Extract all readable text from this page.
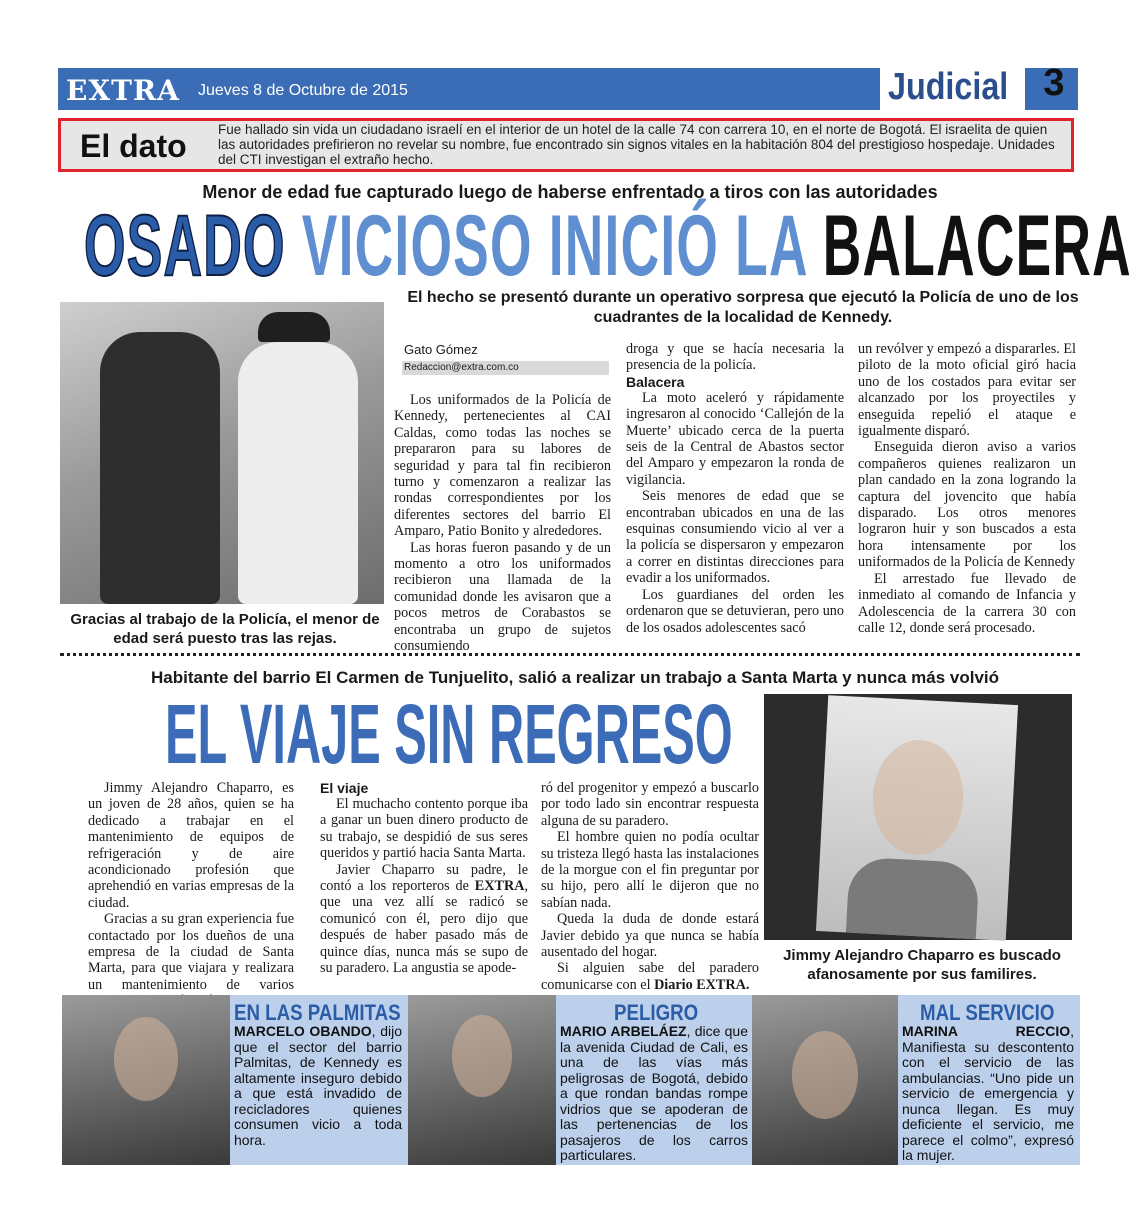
EXTRA Jueves 8 de Octubre de 2015	Judicial 3
El dato Fue hallado sin vida un ciudadano israelí en el interior de un hotel de la calle 74 con carrera 10, en el norte de Bogotá. El israelita de quien las autoridades prefirieron no revelar su nombre, fue encontrado sin signos vitales en la habitación 804 del prestigioso hospedaje. Unidades del CTI investigan el extraño hecho.
Menor de edad fue capturado luego de haberse enfrentado a tiros con las autoridades
OSADO VICIOSO INICIÓ LA BALACERA
El hecho se presentó durante un operativo sorpresa que ejecutó la Policía de uno de los cuadrantes de la localidad de Kennedy.
Gracias al trabajo de la Policía, el menor de edad será puesto tras las rejas.
Gato Gómez
Redaccion@extra.com.co

Los uniformados de la Policía de Kennedy, pertenecientes al CAI Caldas, como todas las noches se prepararon para su labores de seguridad y para tal fin recibieron turno y comenzaron a realizar las rondas correspondientes por los diferentes sectores del barrio El Amparo, Patio Bonito y alrededores.

Las horas fueron pasando y de un momento a otro los uniformados recibieron una llamada de la comunidad donde les avisaron que a pocos metros de Corabastos se encontraba un grupo de sujetos consumiendo

droga y que se hacía necesaria la presencia de la policía.

Balacera

La moto aceleró y rápidamente ingresaron al conocido ‘Callejón de la Muerte’ ubicado cerca de la puerta seis de la Central de Abastos sector del Amparo y empezaron la ronda de vigilancia.

Seis menores de edad que se encontraban ubicados en una de las esquinas consumiendo vicio al ver a la policía se dispersaron y empezaron a correr en distintas direcciones para evadir a los uniformados.

Los guardianes del orden les ordenaron que se detuvieran, pero uno de los osados adolescentes sacó

un revólver y empezó a dispararles. El piloto de la moto oficial giró hacia uno de los costados para evitar ser alcanzado por los proyectiles y enseguida repelió el ataque e igualmente disparó.

Enseguida dieron aviso a varios compañeros quienes realizaron un plan candado en la zona logrando la captura del jovencito que había disparado. Los otros menores lograron huir y son buscados a esta hora intensamente por los uniformados de la Policía de Kennedy

El arrestado fue llevado de inmediato al comando de Infancia y Adolescencia de la carrera 30 con calle 12, donde será procesado.

Habitante del barrio El Carmen de Tunjuelito, salió a realizar un trabajo a Santa Marta y nunca más volvió
EL VIAJE SIN REGRESO
Jimmy Alejandro Chaparro es buscado afanosamente por sus familires.

Jimmy Alejandro Chaparro, es un joven de 28 años, quien se ha dedicado a trabajar en el mantenimiento de equipos de refrigeración y de aire acondicionado profesión que aprehendió en varias empresas de la ciudad.

Gracias a su gran experiencia fue contactado por los dueños de una empresa de la ciudad de Santa Marta, para que viajara y realizara un mantenimiento de varios

El viaje

El muchacho contento porque iba a ganar un buen dinero producto de su trabajo, se despidió de sus seres queridos y partió hacia Santa Marta.

Javier Chaparro su padre, le contó a los reporteros de EXTRA, que una vez allí se radicó se comunicó con él, pero dijo que después de haber pasado más de quince días, nunca más se supo de su paradero. La angustia se apode-

ró del progenitor y empezó a buscarlo por todo lado sin encontrar respuesta alguna de su paradero.

El hombre quien no podía ocultar su tristeza llegó hasta las instalaciones de la morgue con el fin preguntar por su hijo, pero allí le dijeron que no sabían nada.

Queda la duda de donde estará Javier debido ya que nunca se había ausentado del hogar.

Si alguien sabe del paradero comunicarse con el Diario EXTRA.

EN LAS PALMITAS
MARCELO OBANDO, dijo que el sector del barrio Palmitas, de Kennedy es altamente inseguro debido a que está invadido de recicladores quienes consumen vicio a toda hora.
PELIGRO
MARIO ARBELÁEZ, dice que la avenida Ciudad de Cali, es una de las vías más peligrosas de Bogotá, debido a que rondan bandas rompe vidrios que se apoderan de las pertenencias de los pasajeros de los carros particulares.
MAL SERVICIO
MARINA RECCIO, Manifiesta su descontento con el servicio de las ambulancias. “Uno pide un servicio de emergencia y nunca llegan. Es muy deficiente el servicio, me parece el colmo”, expresó la mujer.
